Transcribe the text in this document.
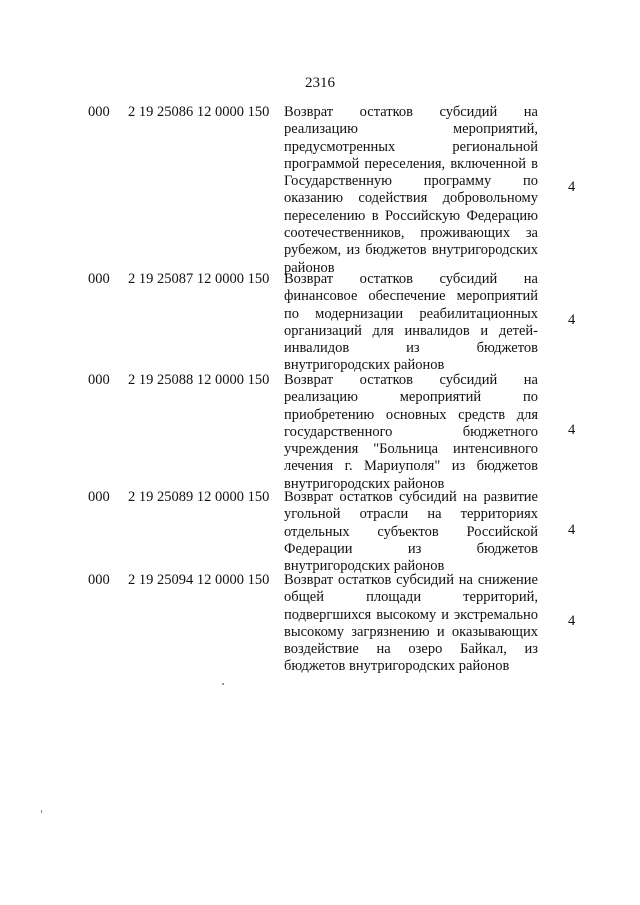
2316
000 2 19 25086 12 0000 150 Возврат остатков субсидий на
реализацию мероприятий,
предусмотренных региональной
программой переселения, включенной в
Государственную программу по
оказанию содействия добровольному
переселению в Российскую Федерацию
соотечественников, проживающих за
рубежом, из бюджетов внутригородских
районов
4
000 2 19 25087 12 0000 150 Возврат остатков субсидий на
финансовое обеспечение мероприятий
по модернизации реабилитационных
организаций для инвалидов и детей-
инвалидов из бюджетов
внутригородских районов
4
000 2 19 25088 12 0000 150 Возврат остатков субсидий на
реализацию мероприятий по
приобретению основных средств для
государственного бюджетного
учреждения "Больница интенсивного
лечения г. Мариуполя" из бюджетов
внутригородских районов
4
000 2 19 25089 12 0000 150 Возврат остатков субсидий на развитие
угольной отрасли на территориях
отдельных субъектов Российской
Федерации из бюджетов
внутригородских районов
4
000 2 19 25094 12 0000 150 Возврат остатков субсидий на снижение
общей площади территорий,
подвергшихся высокому и экстремально
высокому загрязнению и оказывающих
воздействие на озеро Байкал, из
бюджетов внутригородских районов
4
